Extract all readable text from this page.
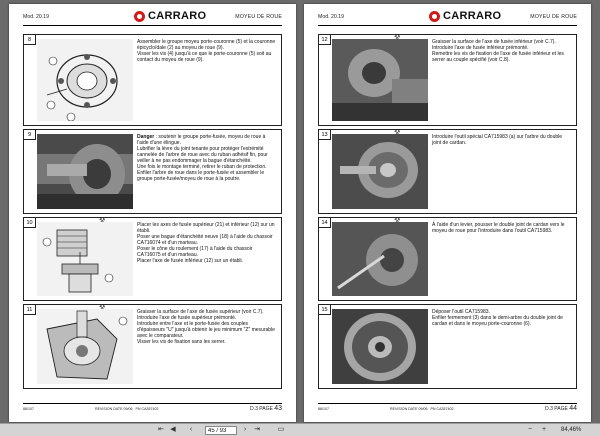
Mod. 20.19	CARRARO	MOYEU DE ROUE
8	Assembler le groupe moyeu porte-couronne (5) et la couronne épicycloïdale (2) au moyeu de roue (9).

Visser les vis (4) jusqu'à ce que le porte-couronne (5) soit au contact du moyeu de roue (9).

9	Danger : soutenir le groupe porte-fusée, moyeu de roue à l'aide d'une élingue.

Lubrifier la lèvre du joint tenante pour protéger l'extrémité cannelée de l'arbre de roue avec du ruban adhésif fin, pour veiller à ne pas endommager la bague d'étanchéité.

Une fois le montage terminé, retirer le ruban de protection.

Enfiler l'arbre de roue dans le porte-fusée et assembler le groupe porte-fusée/moyeu de roue à la poutre.

10	Placer les axes de fusée supérieur (21) et inférieur (12) sur un établi.

Poser une bague d'étanchéité neuve (18) à l'aide du chassoir CA716074 et d'un marteau.

Poser le cône du roulement (17) à l'aide du chassoir CA716075 et d'un marteau.

Placer l'axe de fusée inférieur (12) sur un établi.

11	Graisser la surface de l'axe de fusée supérieur (voir C.7).

Introduire l'axe de fusée supérieur prémonté.

Introduire entre l'axe et le porte-fusée des couples d'épaisseurs "U" jusqu'à obtenir le jeu minimum "Z" mesurable avec le comparateur.

Visser les vis de fixation sans les serrer.

88/107	REVISION DATE 09/06 PN CA357402	D.3 PAGE 43
Mod. 20.19	CARRARO	MOYEU DE ROUE
12	Graisser la surface de l'axe de fusée inférieur (voir C.7).

Introduire l'axe de fusée inférieur prémonté.

Remettre les vis de fixation de l'axe de fusée inférieur et les serrer au couple spécifié (voir C.8).

13	Introduire l'outil spécial CA715983 (a) sur l'arbre du double joint de cardan.

14	À l'aide d'un levier, pousser le double joint de cardan vers le moyeu de roue pour l'introduire dans l'outil CA715983.

15	Déposer l'outil CA715983.

Enfiler fermement (3) dans le demi-arbre du double joint de cardan et dans le moyeu porte-couronne (6).

88/107	REVISION DATE 09/06 PN CA357402	D.3 PAGE 44
⇤ ◀	‹
45 / 93	›	⇥	▭	−	+	84,46%
